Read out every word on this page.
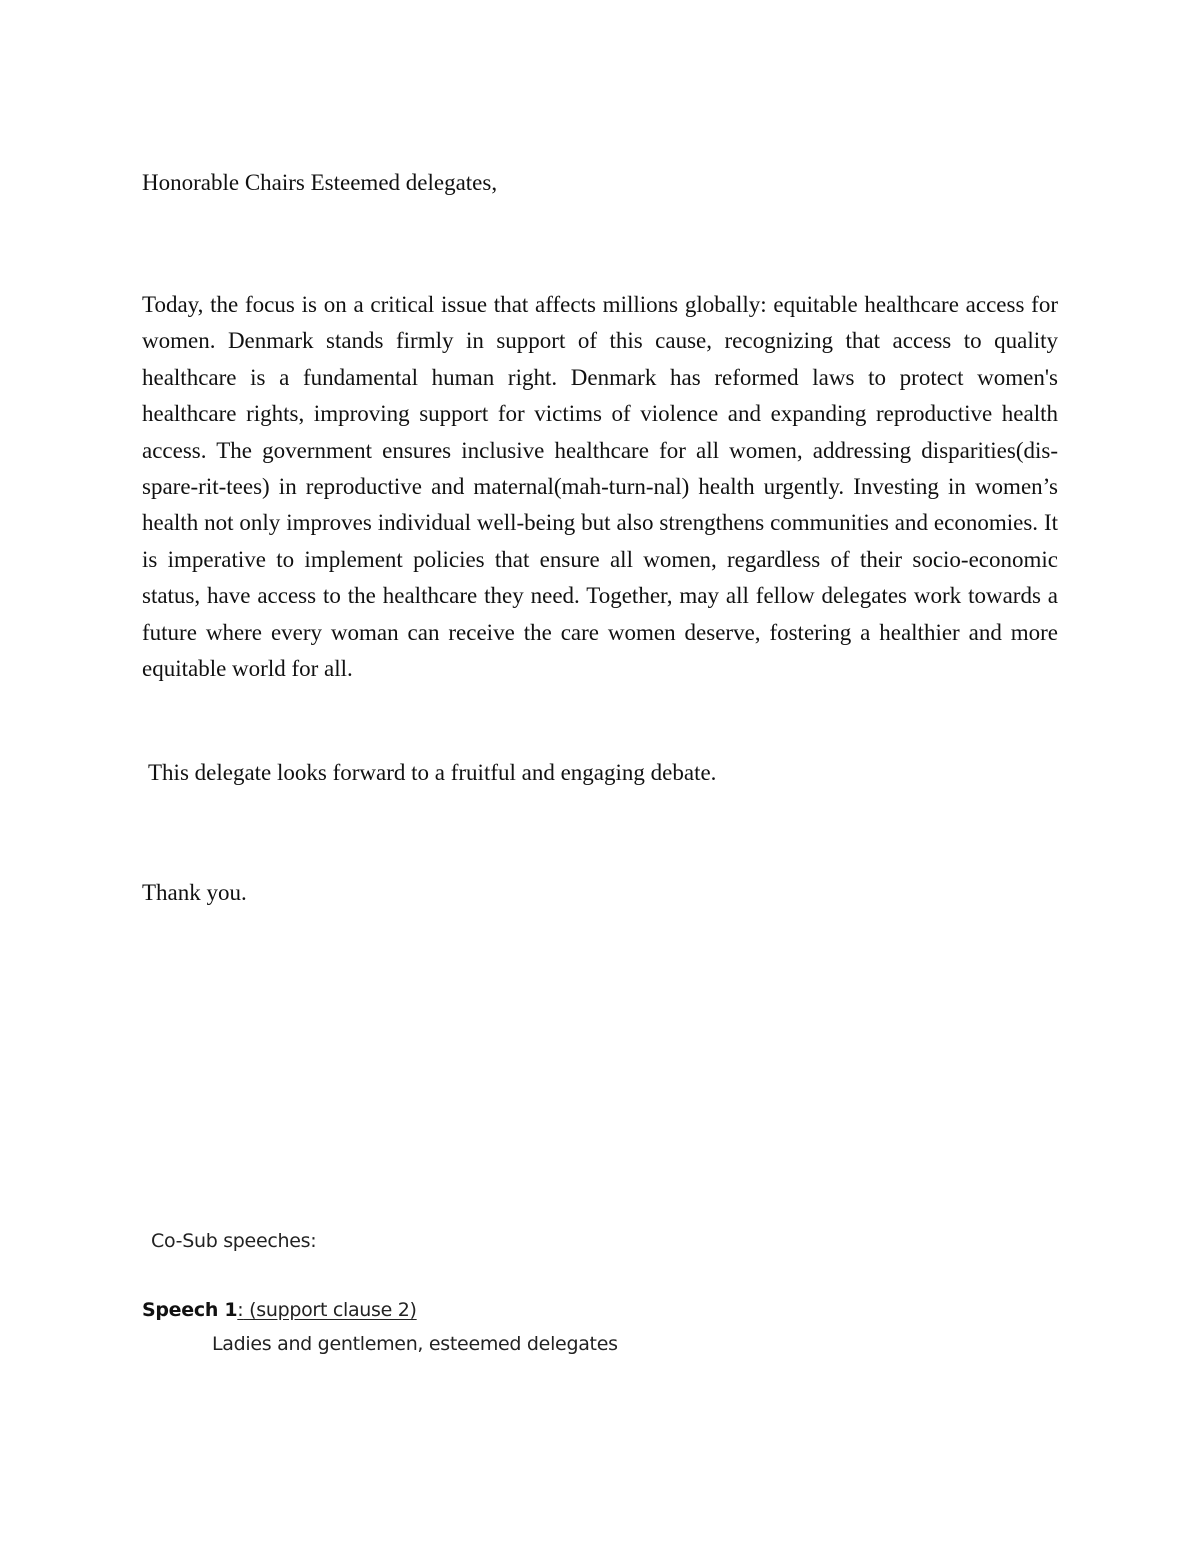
Honorable Chairs Esteemed delegates,

Today, the focus is on a critical issue that affects millions globally: equitable healthcare access for women. Denmark stands firmly in support of this cause, recognizing that access to quality healthcare is a fundamental human right. Denmark has reformed laws to protect women's healthcare rights, improving support for victims of violence and expanding reproductive health access. The government ensures inclusive healthcare for all women, addressing disparities(dis-spare-rit-tees) in reproductive and maternal(mah-turn-nal) health urgently. Investing in women’s health not only improves individual well-being but also strengthens communities and economies. It is imperative to implement policies that ensure all women, regardless of their socio-economic status, have access to the healthcare they need. Together, may all fellow delegates work towards a future where every woman can receive the care women deserve, fostering a healthier and more equitable world for all.

This delegate looks forward to a fruitful and engaging debate.

Thank you.

Co-Sub speeches:

Speech 1: (support clause 2)

Ladies and gentlemen, esteemed delegates
